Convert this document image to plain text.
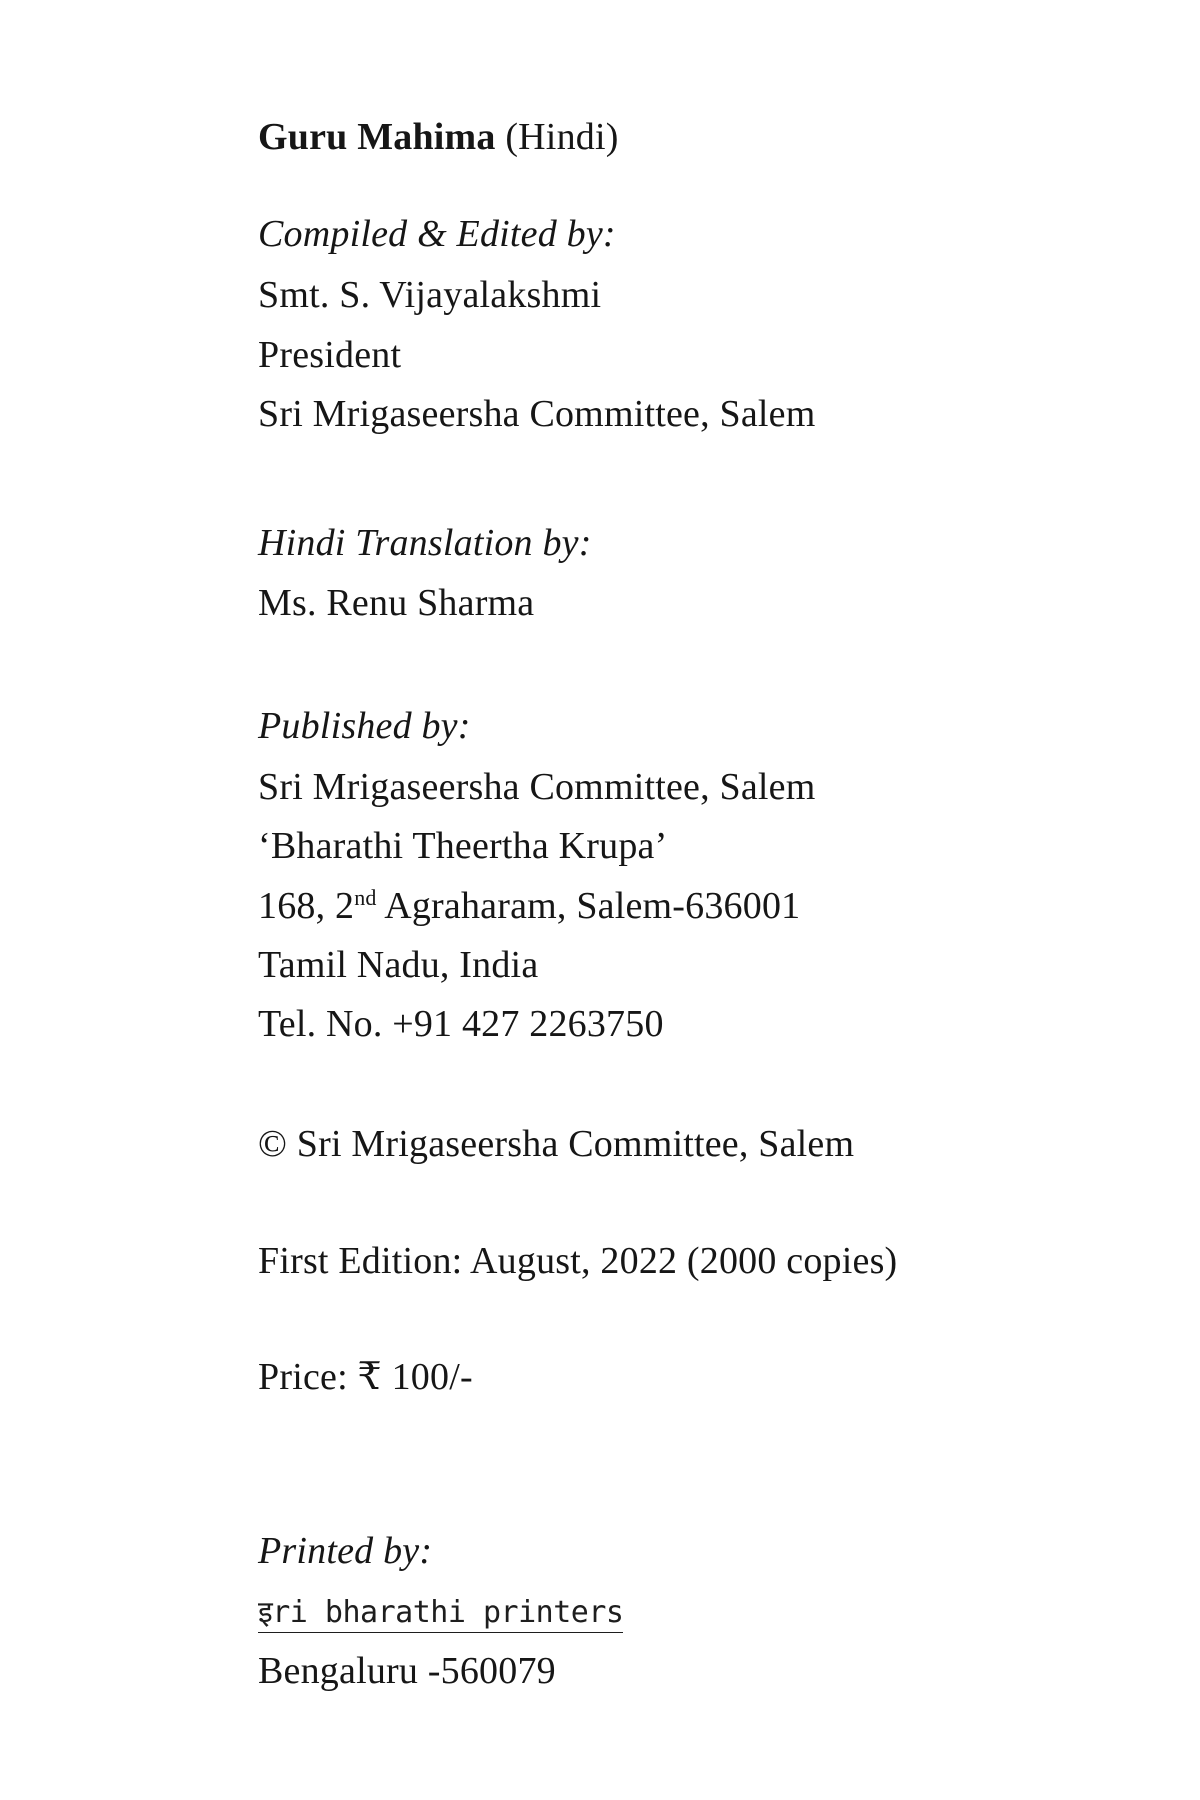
Guru Mahima (Hindi)
Compiled & Edited by:
Smt. S. Vijayalakshmi
President
Sri Mrigaseersha Committee, Salem
Hindi Translation by:
Ms. Renu Sharma
Published by:
Sri Mrigaseersha Committee, Salem
‘Bharathi Theertha Krupa’
168, 2nd Agraharam, Salem-636001
Tamil Nadu, India
Tel. No. +91 427 2263750
© Sri Mrigaseersha Committee, Salem
First Edition: August, 2022 (2000 copies)
Price: ₹ 100/-
Printed by:
इri bharathi printers
Bengaluru -560079
